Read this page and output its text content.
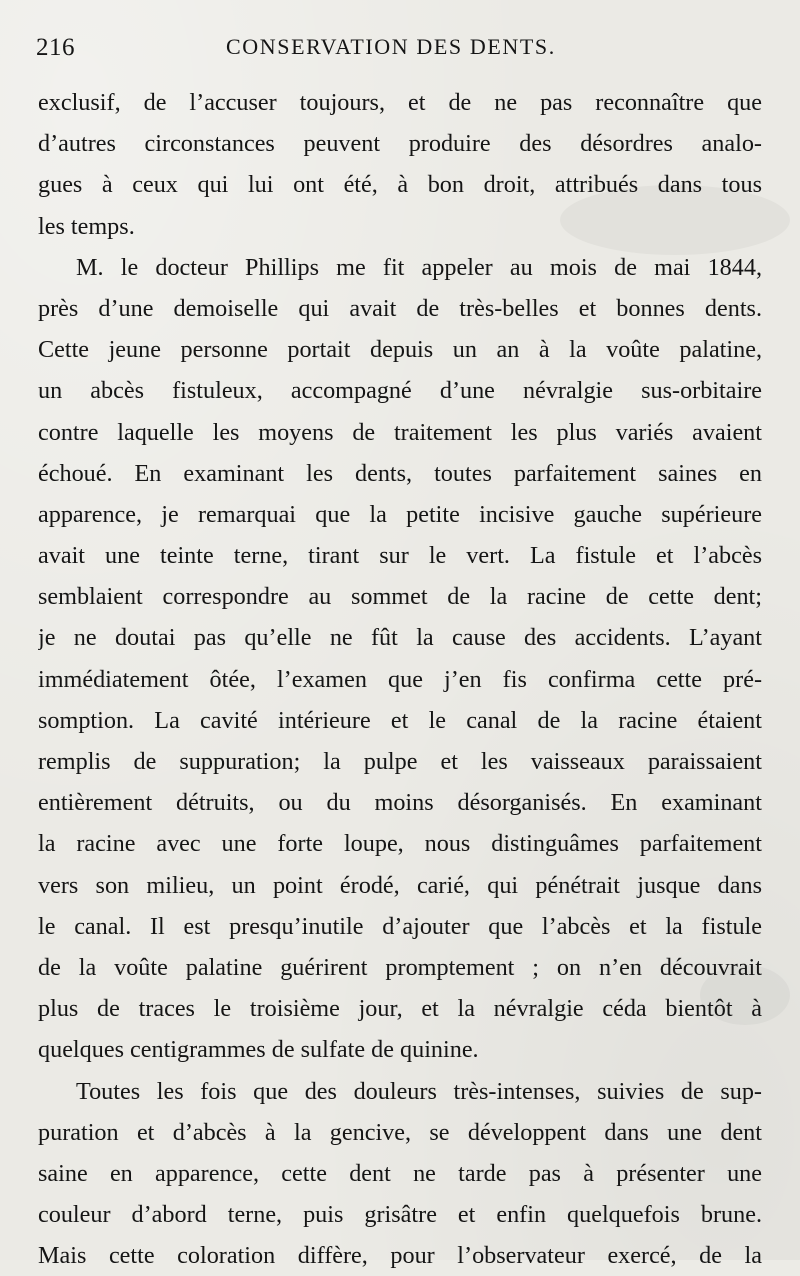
216	CONSERVATION DES DENTS.
exclusif, de l’accuser toujours, et de ne pas reconnaître que
d’autres circonstances peuvent produire des désordres analo-
gues à ceux qui lui ont été, à bon droit, attribués dans tous
les temps.
M. le docteur Phillips me fit appeler au mois de mai 1844,
près d’une demoiselle qui avait de très-belles et bonnes dents.
Cette jeune personne portait depuis un an à la voûte palatine,
un abcès fistuleux, accompagné d’une névralgie sus-orbitaire
contre laquelle les moyens de traitement les plus variés avaient
échoué. En examinant les dents, toutes parfaitement saines en
apparence, je remarquai que la petite incisive gauche supérieure
avait une teinte terne, tirant sur le vert. La fistule et l’abcès
semblaient correspondre au sommet de la racine de cette dent;
je ne doutai pas qu’elle ne fût la cause des accidents. L’ayant
immédiatement ôtée, l’examen que j’en fis confirma cette pré-
somption. La cavité intérieure et le canal de la racine étaient
remplis de suppuration; la pulpe et les vaisseaux paraissaient
entièrement détruits, ou du moins désorganisés. En examinant
la racine avec une forte loupe, nous distinguâmes parfaitement
vers son milieu, un point érodé, carié, qui pénétrait jusque dans
le canal. Il est presqu’inutile d’ajouter que l’abcès et la fistule
de la voûte palatine guérirent promptement ; on n’en découvrait
plus de traces le troisième jour, et la névralgie céda bientôt à
quelques centigrammes de sulfate de quinine.
Toutes les fois que des douleurs très-intenses, suivies de sup-
puration et d’abcès à la gencive, se développent dans une dent
saine en apparence, cette dent ne tarde pas à présenter une
couleur d’abord terne, puis grisâtre et enfin quelquefois brune.
Mais cette coloration diffère, pour l’observateur exercé, de la
